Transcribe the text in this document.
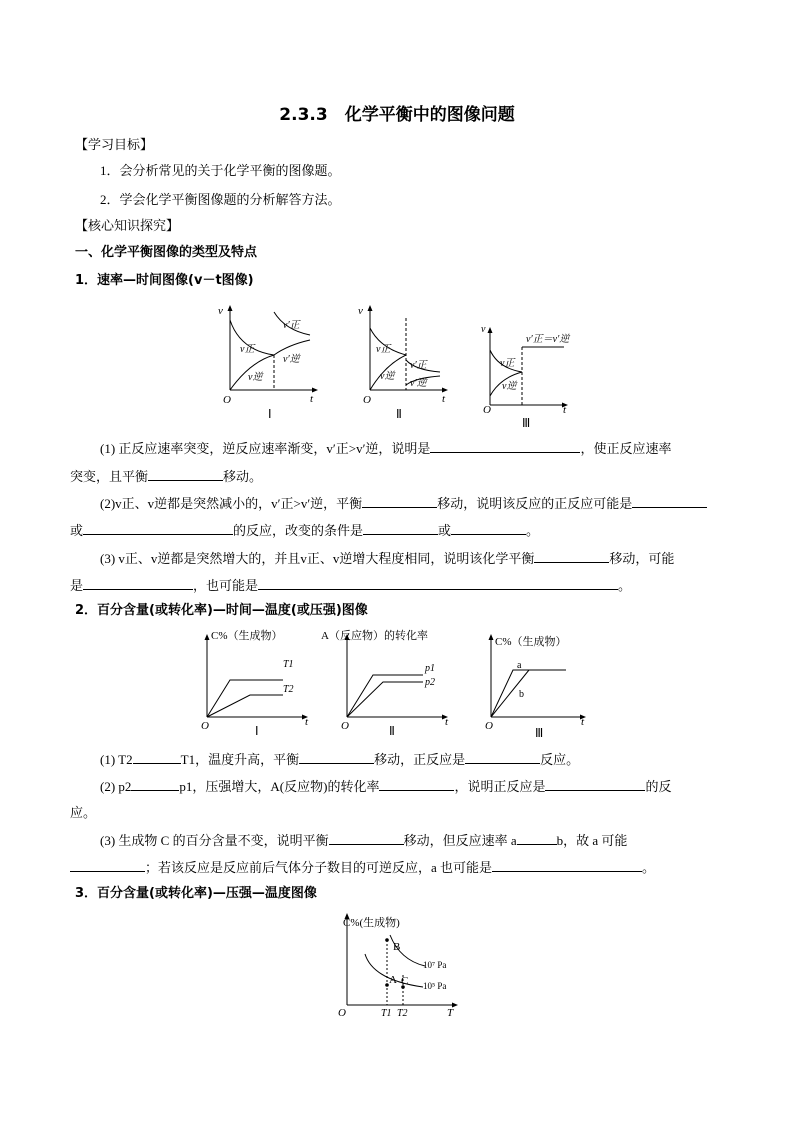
2.3.3　化学平衡中的图像问题
【学习目标】
1．会分析常见的关于化学平衡的图像题。
2．学会化学平衡图像题的分析解答方法。
【核心知识探究】
一、化学平衡图像的类型及特点
1．速率—时间图像(v－t图像)
v
t
O
v正
v逆
v′正
v′逆
Ⅰ
v
t
O
v正
v逆
v′正
v′逆
Ⅱ
v
t
O
v正
v逆
v′正＝v′逆
Ⅲ
(1) 正反应速率突变，逆反应速率渐变，v′正>v′逆，说明是	，使正反应速率
突变，且平衡	移动。
(2)v正、v逆都是突然减小的，v′正>v′逆，平衡	移动，说明该反应的正反应可能是
或	的反应，改变的条件是	或	。
(3) v正、v逆都是突然增大的，并且v正、v逆增大程度相同，说明该化学平衡	移动，可能
是	，也可能是	。
2．百分含量(或转化率)—时间—温度(或压强)图像
C%（生成物）
T1
T2
t
O	Ⅰ
A（反应物）的转化率
p1
p2
t
O	Ⅱ
C%（生成物）
a
b
t
O	Ⅲ
(1) T2	T1，温度升高，平衡	移动，正反应是	反应。
(2) p2	p1，压强增大，A(反应物)的转化率	，说明正反应是	的反
应。
(3) 生成物 C 的百分含量不变，说明平衡	移动，但反应速率 a	b，故 a 可能
；若该反应是反应前后气体分子数目的可逆反应，a 也可能是	。
3．百分含量(或转化率)—压强—温度图像
C%(生成物)
B
A C
10⁷ Pa
10⁵ Pa
O	T1 T2	T
